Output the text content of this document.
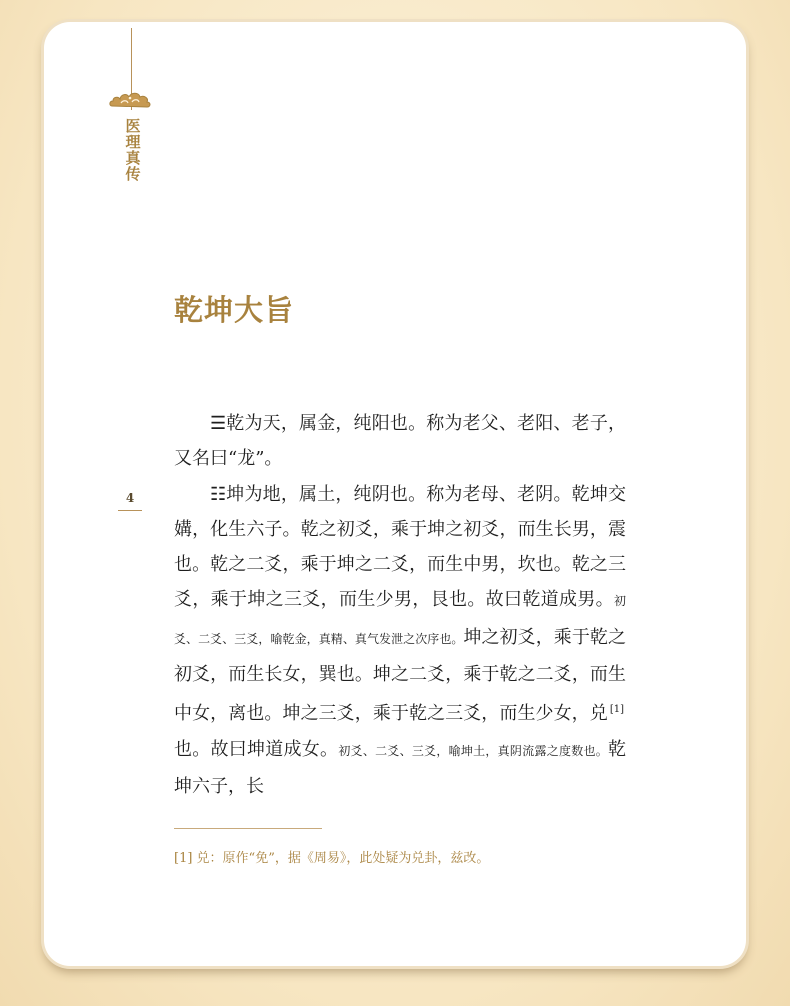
医理真传
乾坤大旨
4

☰乾为天，属金，纯阳也。称为老父、老阳、老子，又名曰“龙”。

☷坤为地，属土，纯阴也。称为老母、老阴。乾坤交媾，化生六子。乾之初爻，乘于坤之初爻，而生长男，震也。乾之二爻，乘于坤之二爻，而生中男，坎也。乾之三爻，乘于坤之三爻，而生少男，艮也。故曰乾道成男。初爻、二爻、三爻，喻乾金，真精、真气发泄之次序也。坤之初爻，乘于乾之初爻，而生长女，巽也。坤之二爻，乘于乾之二爻，而生中女，离也。坤之三爻，乘于乾之三爻，而生少女，兑 [1]也。故曰坤道成女。初爻、二爻、三爻，喻坤土，真阴流露之度数也。乾坤六子，长

[1] 兑：原作“免”，据《周易》，此处疑为兑卦，兹改。
